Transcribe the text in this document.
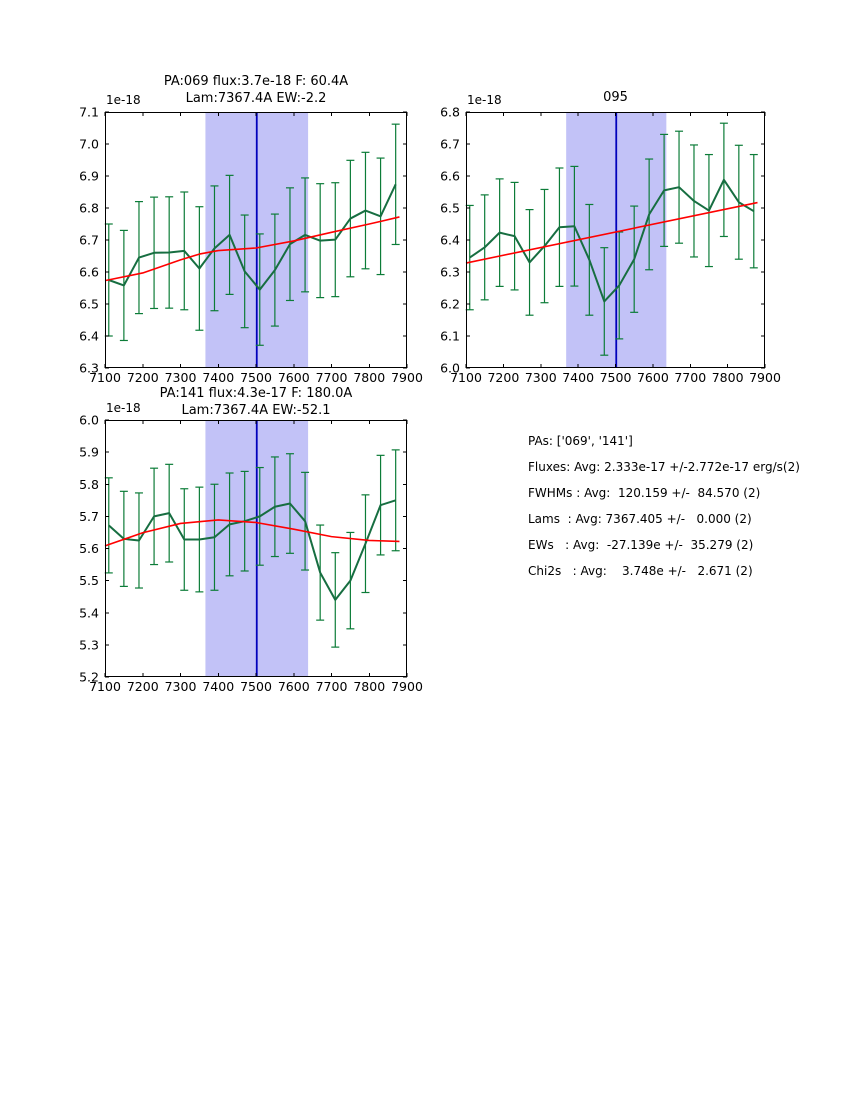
PA:069 flux:3.7e-18 F: 60.4A
Lam:7367.4A EW:-2.2	095
PA:141 flux:4.3e-17 F: 180.0A
Lam:7367.4A EW:-52.1
7100 7200 7300 7400 7500 7600 7700 7800 7900
6.3
6.4
6.5
6.6
6.7
6.8
6.9
7.0
7.1
1e-18
7100 7200 7300 7400 7500 7600 7700 7800 7900
6.0
6.1
6.2
6.3
6.4
6.5
6.6
6.7
6.8
1e-18
7100 7200 7300 7400 7500 7600 7700 7800 7900
5.2
5.3
5.4
5.5
5.6
5.7
5.8
5.9
6.0
1e-18
PAs: ['069', '141']
Fluxes: Avg: 2.333e-17 +/-2.772e-17 erg/s(2)
FWHMs : Avg:  120.159 +/-  84.570 (2)
Lams  : Avg: 7367.405 +/-   0.000 (2)
EWs   : Avg:  -27.139e +/-  35.279 (2)
Chi2s   : Avg:    3.748e +/-   2.671 (2)
